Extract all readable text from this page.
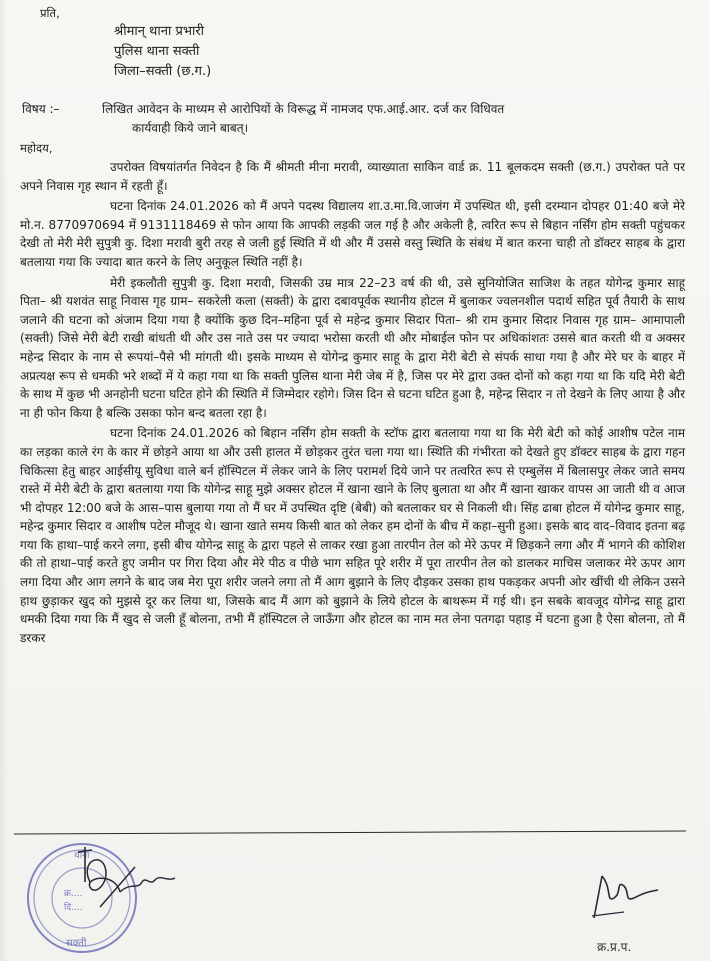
प्रति,
श्रीमान् थाना प्रभारी
पुलिस थाना सक्ती
जिला–सक्ती (छ.ग.)
विषय :–	लिखित आवेदन के माध्यम से आरोपियों के विरूद्ध में नामजद एफ.आई.आर. दर्ज कर विधिवत
कार्यवाही किये जाने बाबत्।
महोदय,

उपरोक्त विषयांतर्गत निवेदन है कि मैं श्रीमती मीना मरावी, व्याख्याता साकिन वार्ड क्र. 11 बूलकदम सक्ती (छ.ग.) उपरोक्त पते पर अपने निवास गृह स्थान में रहती हूँ।

घटना दिनांक 24.01.2026 को मैं अपने पदस्थ विद्यालय शा.उ.मा.वि.जाजंग में उपस्थित थी, इसी दरम्यान दोपहर 01:40 बजे मेरे मो.न. 8770970694 में 9131118469 से फोन आया कि आपकी लड़की जल गई है और अकेली है, त्वरित रूप से बिहान नर्सिंग होम सक्ती पहुंचकर देखी तो मेरी मेरी सुपुत्री कु. दिशा मरावी बुरी तरह से जली हुई स्थिति में थी और मैं उससे वस्तु स्थिति के संबंध में बात करना चाही तो डॉक्टर साहब के द्वारा बतलाया गया कि ज्यादा बात करने के लिए अनुकूल स्थिति नहीं है।

मेरी इकलौती सुपुत्री कु. दिशा मरावी, जिसकी उम्र मात्र 22–23 वर्ष की थी, उसे सुनियोजित साजिश के तहत योगेन्द्र कुमार साहू पिता– श्री यशवंत साहू निवास गृह ग्राम– सकरेली कला (सक्ती) के द्वारा दबावपूर्वक स्थानीय होटल में बुलाकर ज्वलनशील पदार्थ सहित पूर्व तैयारी के साथ जलाने की घटना को अंजाम दिया गया है क्योंकि कुछ दिन–महिना पूर्व से महेन्द्र कुमार सिदार पिता– श्री राम कुमार सिदार निवास गृह ग्राम– आमापाली (सक्ती) जिसे मेरी बेटी राखी बांधती थी और उस नाते उस पर ज्यादा भरोसा करती थी और मोबाईल फोन पर अधिकांशतः उससे बात करती थी व अक्सर महेन्द्र सिदार के नाम से रूपयां–पैसे भी मांगती थी। इसके माध्यम से योगेन्द्र कुमार साहू के द्वारा मेरी बेटी से संपर्क साधा गया है और मेरे घर के बाहर में अप्रत्यक्ष रूप से धमकी भरे शब्दों में ये कहा गया था कि सक्ती पुलिस थाना मेरी जेब में है, जिस पर मेरे द्वारा उक्त दोनों को कहा गया था कि यदि मेरी बेटी के साथ में कुछ भी अनहोनी घटना घटित होने की स्थिति में जिम्मेदार रहोगे। जिस दिन से घटना घटित हुआ है, महेन्द्र सिदार न तो देखने के लिए आया है और ना ही फोन किया है बल्कि उसका फोन बन्द बतला रहा है।

घटना दिनांक 24.01.2026 को बिहान नर्सिंग होम सक्ती के स्टॉफ द्वारा बतलाया गया था कि मेरी बेटी को कोई आशीष पटेल नाम का लड़का काले रंग के कार में छोड़ने आया था और उसी हालत में छोड़कर तुरंत चला गया था। स्थिति की गंभीरता को देखते हुए डॉक्टर साहब के द्वारा गहन चिकित्सा हेतु बाहर आईसीयू सुविधा वाले बर्न हॉस्पिटल में लेकर जाने के लिए परामर्श दिये जाने पर तत्वरित रूप से एम्बुलेंस में बिलासपुर लेकर जाते समय रास्ते में मेरी बेटी के द्वारा बतलाया गया कि योगेन्द्र साहू मुझे अक्सर होटल में खाना खाने के लिए बुलाता था और मैं खाना खाकर वापस आ जाती थी व आज भी दोपहर 12:00 बजे के आस–पास बुलाया गया तो मैं घर में उपस्थित दृष्टि (बेबी) को बतलाकर घर से निकली थी। सिंह ढाबा होटल में योगेन्द्र कुमार साहू, महेन्द्र कुमार सिदार व आशीष पटेल मौजूद थे। खाना खाते समय किसी बात को लेकर हम दोनों के बीच में कहा–सुनी हुआ। इसके बाद वाद–विवाद इतना बढ़ गया कि हाथा–पाई करने लगा, इसी बीच योगेन्द्र साहू के द्वारा पहले से लाकर रखा हुआ तारपीन तेल को मेरे ऊपर में छिड़कने लगा और मैं भागने की कोशिश की तो हाथा–पाई करते हुए जमीन पर गिरा दिया और मेरे पीठ व पीछे भाग सहित पूरे शरीर में पूरा तारपीन तेल को डालकर माचिस जलाकर मेरे ऊपर आग लगा दिया और आग लगने के बाद जब मेरा पूरा शरीर जलने लगा तो मैं आग बुझाने के लिए दौड़कर उसका हाथ पकड़कर अपनी ओर खींची थी लेकिन उसने हाथ छुड़ाकर खुद को मुझसे दूर कर लिया था, जिसके बाद मैं आग को बुझाने के लिये होटल के बाथरूम में गई थी। इन सबके बावजूद योगेन्द्र साहू द्वारा धमकी दिया गया कि मैं खुद से जली हूँ बोलना, तभी मैं हॉस्पिटल ले जाऊँगा और होटल का नाम मत लेना पतगढ़ा पहाड़ में घटना हुआ है ऐसा बोलना, तो मैं डरकर

क्र....
दि....
सक्ती
थाना
क्र.प्र.प.
